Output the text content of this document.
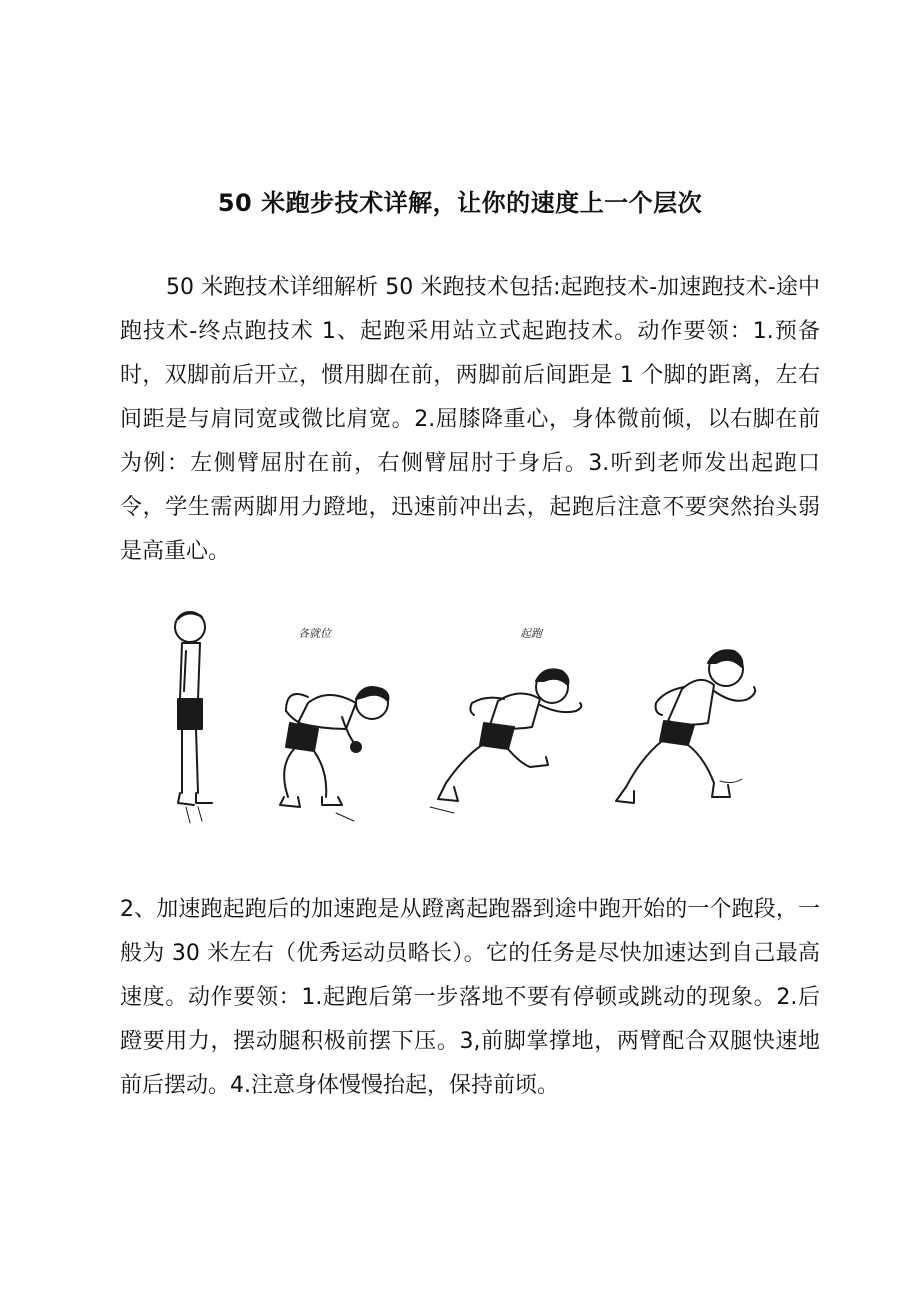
50 米跑步技术详解，让你的速度上一个层次

50 米跑技术详细解析 50 米跑技术包括:起跑技术-加速跑技术-途中跑技术-终点跑技术 1、起跑采用站立式起跑技术。动作要领：1.预备时，双脚前后开立，惯用脚在前，两脚前后间距是 1 个脚的距离，左右间距是与肩同宽或微比肩宽。2.屈膝降重心，身体微前倾，以右脚在前为例：左侧臂屈肘在前，右侧臂屈肘于身后。3.听到老师发出起跑口令，学生需两脚用力蹬地，迅速前冲出去，起跑后注意不要突然抬头弱是高重心。

各就位	起跑

2、加速跑起跑后的加速跑是从蹬离起跑器到途中跑开始的一个跑段，一般为 30 米左右（优秀运动员略长）。它的任务是尽快加速达到自己最高速度。动作要领：1.起跑后第一步落地不要有停顿或跳动的现象。2.后蹬要用力，摆动腿积极前摆下压。3,前脚掌撑地，两臂配合双腿快速地前后摆动。4.注意身体慢慢抬起，保持前顷。
